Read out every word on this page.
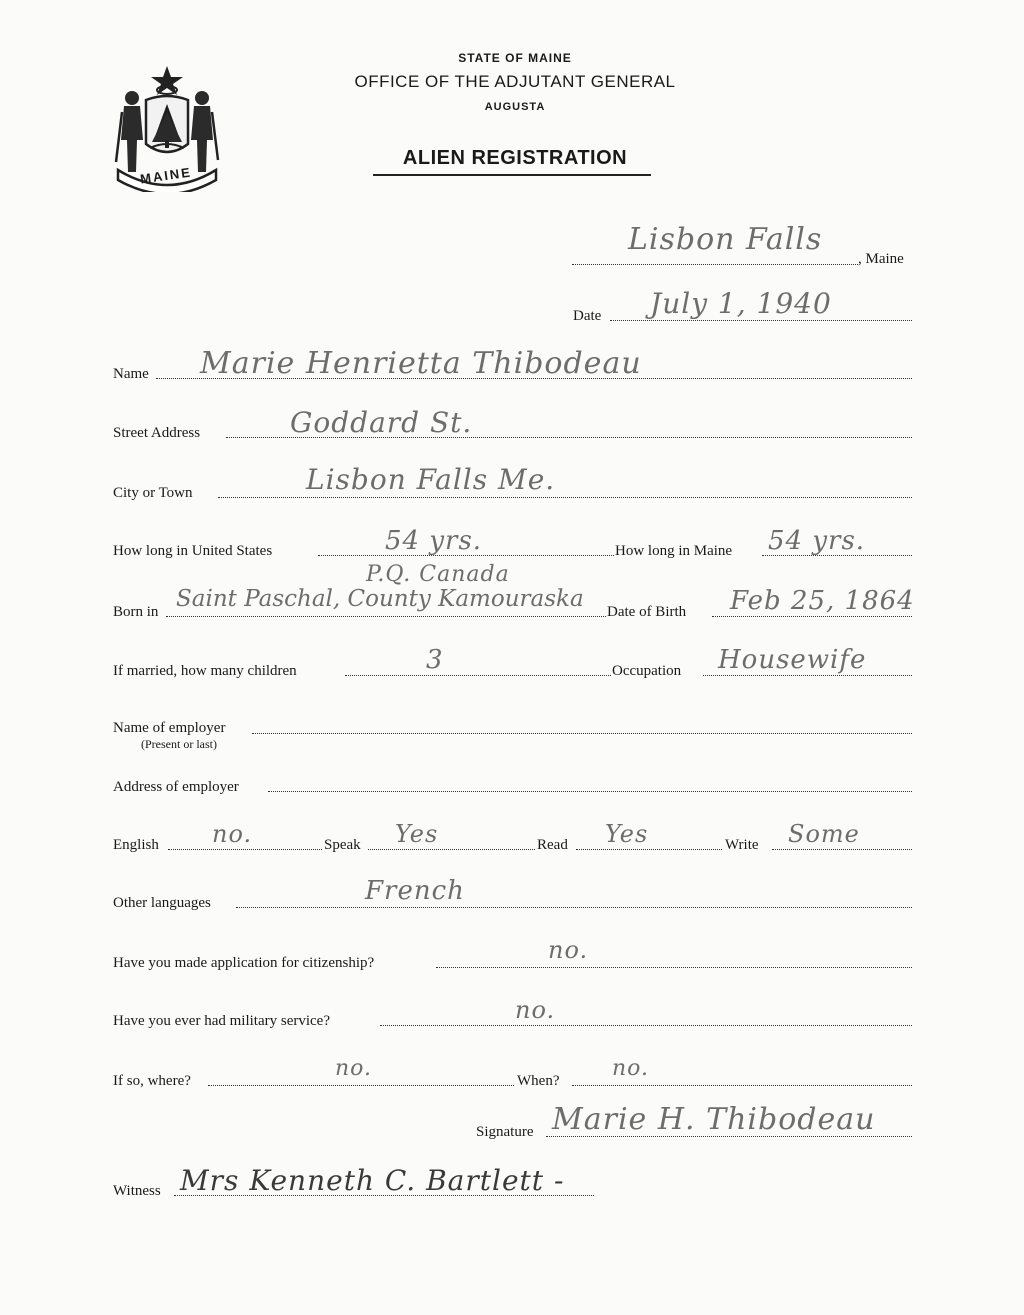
MAINE
STATE OF MAINE
OFFICE OF THE ADJUTANT GENERAL
AUGUSTA
ALIEN REGISTRATION
Lisbon Falls
, Maine
Date July 1, 1940
Name Marie Henrietta Thibodeau
Street Address	Goddard St.
City or Town	Lisbon Falls Me.
How long in United States	54 yrs.	How long in Maine 54 yrs.
P.Q. Canada
Born in Saint Paschal, County Kamouraska Date of Birth Feb 25, 1864
If married, how many children	3	Occupation Housewife
Name of employer
(Present or last)
Address of employer
English no.	Speak Yes	Read Yes	Write Some
Other languages	French
Have you made application for citizenship?	no.
Have you ever had military service?	no.
If so, where?	no.	When? no.
Signature Marie H. Thibodeau
Witness Mrs Kenneth C. Bartlett -
